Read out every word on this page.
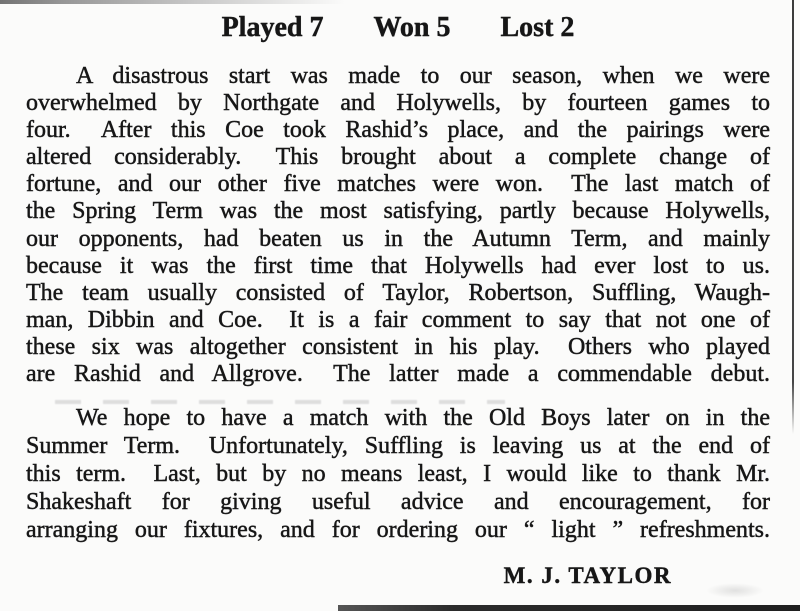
Played 7 Won 5 Lost 2
A disastrous start was made to our season, when we were
overwhelmed by Northgate and Holywells, by fourteen games to
four.  After this Coe took Rashid’s place, and the pairings were
altered considerably.  This brought about a complete change of
fortune, and our other five matches were won.  The last match of
the Spring Term was the most satisfying, partly because Holywells,
our opponents, had beaten us in the Autumn Term, and mainly
because it was the first time that Holywells had ever lost to us.
The team usually consisted of Taylor, Robertson, Suffling, Waugh-
man, Dibbin and Coe.  It is a fair comment to say that not one of
these six was altogether consistent in his play.  Others who played
are Rashid and Allgrove.  The latter made a commendable debut.
We hope to have a match with the Old Boys later on in the
Summer Term.  Unfortunately, Suffling is leaving us at the end of
this term.  Last, but by no means least, I would like to thank Mr.
Shakeshaft for giving useful advice and encouragement, for
arranging our fixtures, and for ordering our “ light ” refreshments.
M. J. TAYLOR
